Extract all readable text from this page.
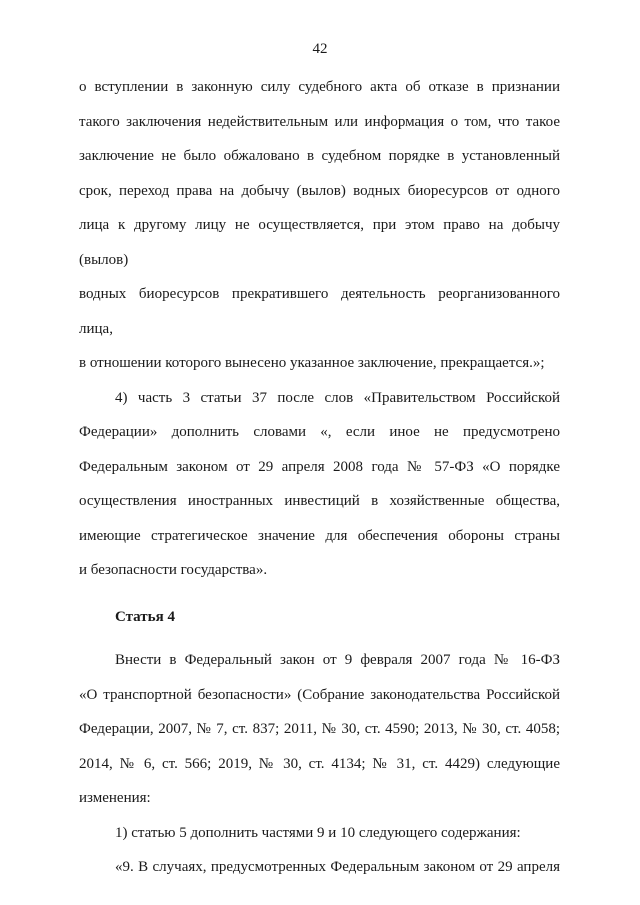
42

о вступлении в законную силу судебного акта об отказе в признании

такого заключения недействительным или информация о том, что такое

заключение не было обжаловано в судебном порядке в установленный

срок, переход права на добычу (вылов) водных биоресурсов от одного

лица к другому лицу не осуществляется, при этом право на добычу (вылов)

водных биоресурсов прекратившего деятельность реорганизованного лица,

в отношении которого вынесено указанное заключение, прекращается.»;

4) часть 3 статьи 37 после слов «Правительством Российской

Федерации» дополнить словами «, если иное не предусмотрено

Федеральным законом от 29 апреля 2008 года № 57-ФЗ «О порядке

осуществления иностранных инвестиций в хозяйственные общества,

имеющие стратегическое значение для обеспечения обороны страны

и безопасности государства».

Статья 4

Внести в Федеральный закон от 9 февраля 2007 года № 16-ФЗ

«О транспортной безопасности» (Собрание законодательства Российской

Федерации, 2007, № 7, ст. 837; 2011, № 30, ст. 4590; 2013, № 30, ст. 4058;

2014, № 6, ст. 566; 2019, № 30, ст. 4134; № 31, ст. 4429) следующие

изменения:

1) статью 5 дополнить частями 9 и 10 следующего содержания:

«9. В случаях, предусмотренных Федеральным законом от 29 апреля
